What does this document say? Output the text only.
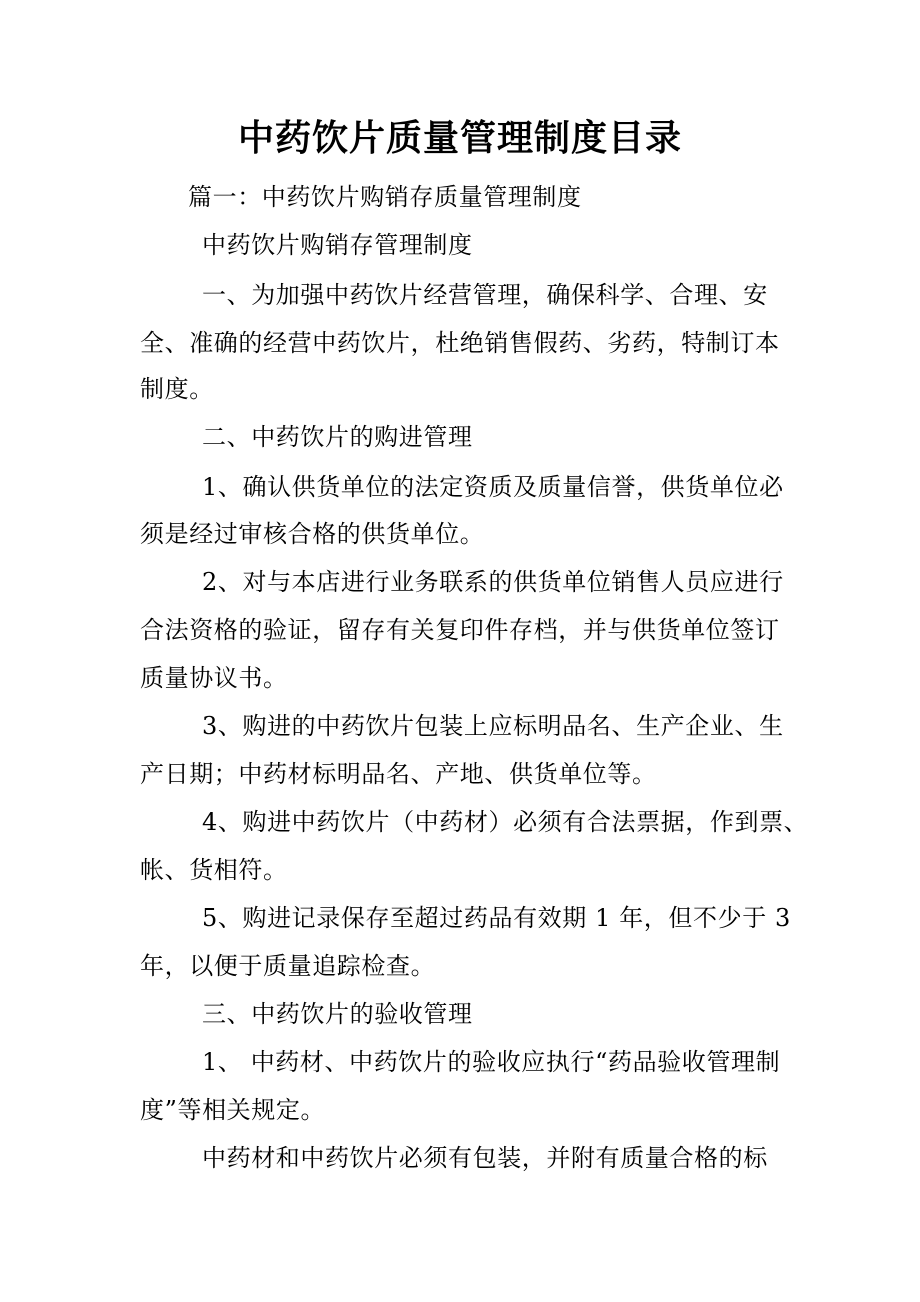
中药饮片质量管理制度目录
篇一：中药饮片购销存质量管理制度
中药饮片购销存管理制度
一、为加强中药饮片经营管理，确保科学、合理、安
全、准确的经营中药饮片，杜绝销售假药、劣药，特制订本
制度。
二、中药饮片的购进管理
1、确认供货单位的法定资质及质量信誉，供货单位必
须是经过审核合格的供货单位。
2、对与本店进行业务联系的供货单位销售人员应进行
合法资格的验证，留存有关复印件存档，并与供货单位签订
质量协议书。
3、购进的中药饮片包装上应标明品名、生产企业、生
产日期；中药材标明品名、产地、供货单位等。
4、购进中药饮片（中药材）必须有合法票据，作到票、
帐、货相符。
5、购进记录保存至超过药品有效期 1 年，但不少于 3
年，以便于质量追踪检查。
三、中药饮片的验收管理
1、 中药材、中药饮片的验收应执行“药品验收管理制
度”等相关规定。
中药材和中药饮片必须有包装，并附有质量合格的标
